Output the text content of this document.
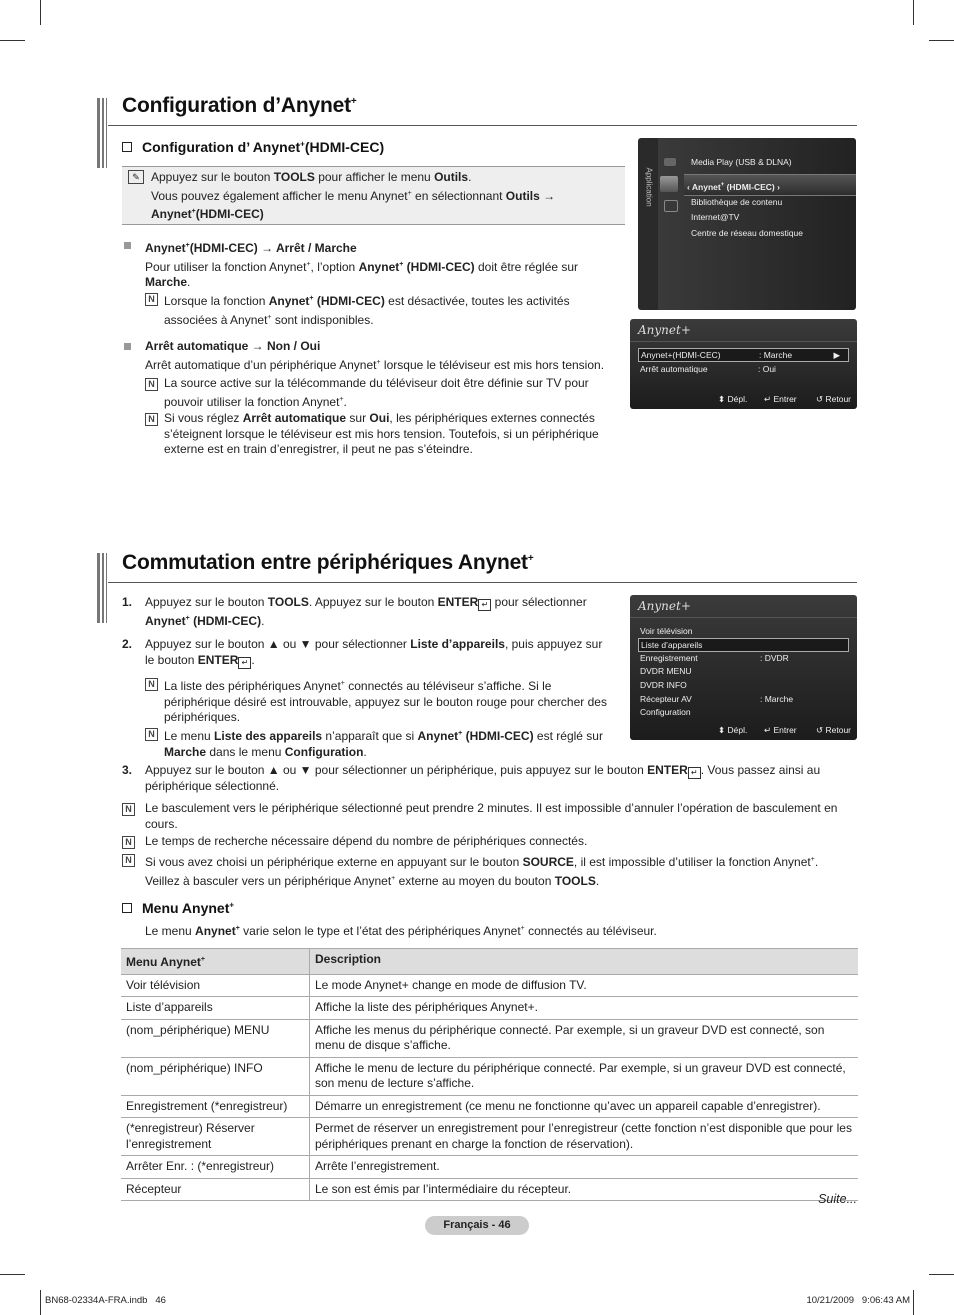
Configuration d’Anynet+
Configuration d’ Anynet+(HDMI-CEC)
✎ Appuyez sur le bouton TOOLS pour afficher le menu Outils.
Vous pouvez également afficher le menu Anynet+ en sélectionnant Outils →
Anynet+(HDMI-CEC)
Anynet+(HDMI-CEC) → Arrêt / Marche
Pour utiliser la fonction Anynet+, l’option Anynet+ (HDMI-CEC) doit être réglée sur
Marche.
N Lorsque la fonction Anynet+ (HDMI-CEC) est désactivée, toutes les activités
associées à Anynet+ sont indisponibles.
Arrêt automatique → Non / Oui
Arrêt automatique d’un périphérique Anynet+ lorsque le téléviseur est mis hors tension.
N La source active sur la télécommande du téléviseur doit être définie sur TV pour
pouvoir utiliser la fonction Anynet+.
N Si vous réglez Arrêt automatique sur Oui, les périphériques externes connectés
s’éteignent lorsque le téléviseur est mis hors tension. Toutefois, si un périphérique
externe est en train d’enregistrer, il peut ne pas s’éteindre.
Application
Media Play (USB & DLNA)
‹ Anynet+ (HDMI-CEC) ›
Bibliothèque de contenu
Internet@TV
Centre de réseau domestique
Anynet+
Anynet+(HDMI-CEC)	: Marche	▶
Arrêt automatique	: Oui
⬍ Dépl. ↵ Entrer ↺ Retour
Commutation entre périphériques Anynet+
1. Appuyez sur le bouton TOOLS. Appuyez sur le bouton ENTER ↵ pour sélectionner
Anynet+ (HDMI-CEC).
2. Appuyez sur le bouton ▲ ou ▼ pour sélectionner Liste d’appareils, puis appuyez sur
le bouton ENTER ↵ .
N La liste des périphériques Anynet+ connectés au téléviseur s’affiche. Si le
périphérique désiré est introuvable, appuyez sur le bouton rouge pour chercher des
périphériques.
N Le menu Liste des appareils n’apparaît que si Anynet+ (HDMI-CEC) est réglé sur
Marche dans le menu Configuration.
3. Appuyez sur le bouton ▲ ou ▼ pour sélectionner un périphérique, puis appuyez sur le bouton ENTER ↵ . Vous passez ainsi au
périphérique sélectionné.
N Le basculement vers le périphérique sélectionné peut prendre 2 minutes. Il est impossible d’annuler l’opération de basculement en
cours.
N Le temps de recherche nécessaire dépend du nombre de périphériques connectés.
N Si vous avez choisi un périphérique externe en appuyant sur le bouton SOURCE, il est impossible d’utiliser la fonction Anynet+.
Veillez à basculer vers un périphérique Anynet+ externe au moyen du bouton TOOLS.
Anynet+
Voir télévision
Liste d’appareils
Enregistrement	: DVDR
DVDR MENU
DVDR INFO
Récepteur AV	: Marche
Configuration
⬍ Dépl. ↵ Entrer ↺ Retour
Menu Anynet+
Le menu Anynet+ varie selon le type et l’état des périphériques Anynet+ connectés au téléviseur.
Menu Anynet+	Description
Voir télévision	Le mode Anynet+ change en mode de diffusion TV.
Liste d’appareils	Affiche la liste des périphériques Anynet+.
(nom_périphérique) MENU	Affiche les menus du périphérique connecté. Par exemple, si un graveur DVD est connecté, son menu de disque s’affiche.
(nom_périphérique) INFO	Affiche le menu de lecture du périphérique connecté. Par exemple, si un graveur DVD est connecté, son menu de lecture s’affiche.
Enregistrement (*enregistreur)	Démarre un enregistrement (ce menu ne fonctionne qu’avec un appareil capable d’enregistrer).
(*enregistreur) Réserver l’enregistrement	Permet de réserver un enregistrement pour l’enregistreur (cette fonction n’est disponible que pour les périphériques prenant en charge la fonction de réservation).
Arrêter Enr. : (*enregistreur)	Arrête l’enregistrement.
Récepteur	Le son est émis par l’intermédiaire du récepteur.
Suite...
Français - 46
BN68-02334A-FRA.indb   46	10/21/2009   9:06:43 AM
